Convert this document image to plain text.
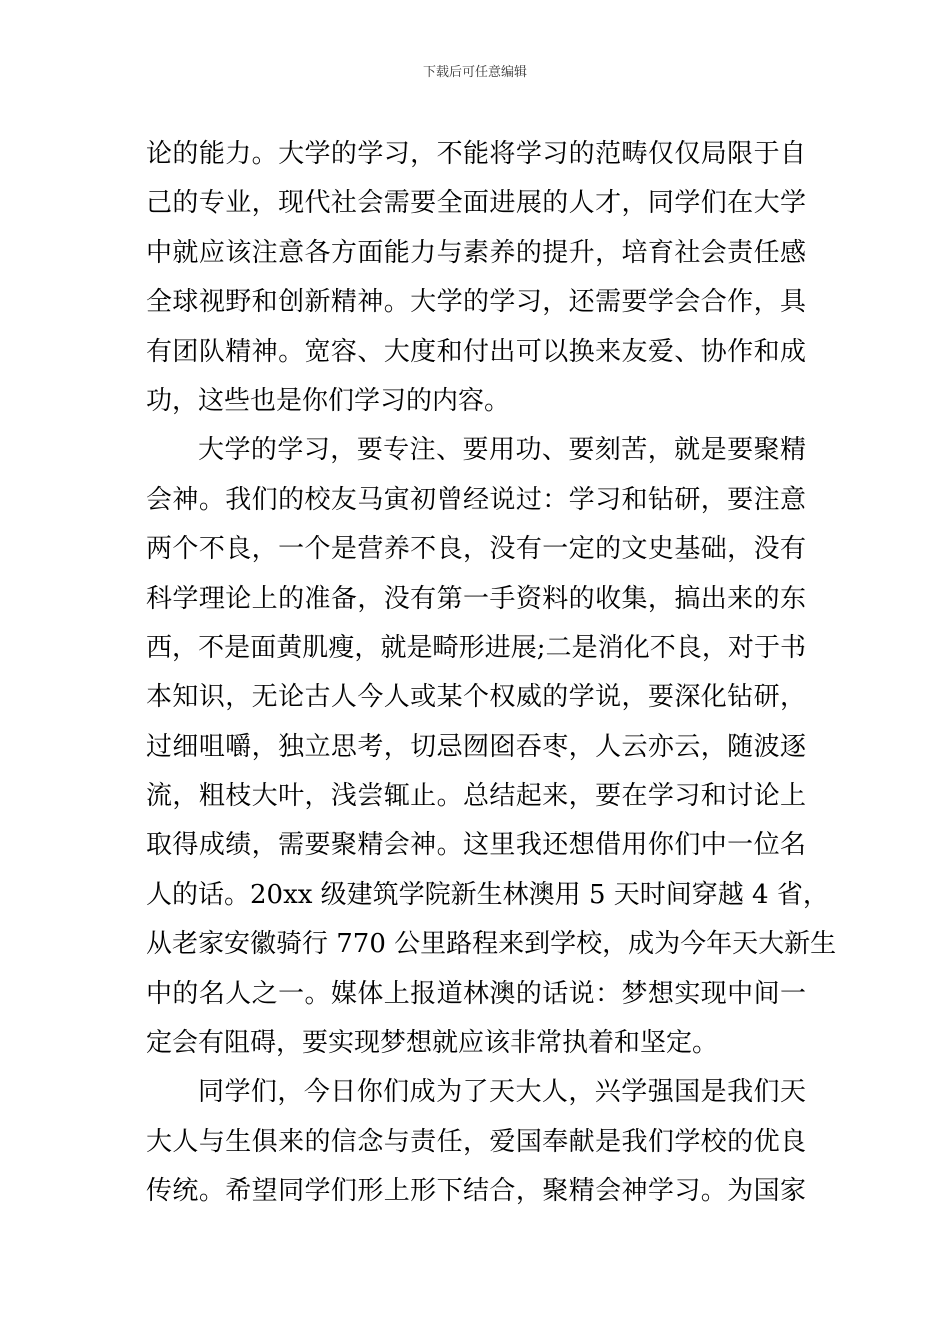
下载后可任意编辑
论的能力。大学的学习，不能将学习的范畴仅仅局限于自
己的专业，现代社会需要全面进展的人才，同学们在大学
中就应该注意各方面能力与素养的提升，培育社会责任感
全球视野和创新精神。大学的学习，还需要学会合作，具
有团队精神。宽容、大度和付出可以换来友爱、协作和成
功，这些也是你们学习的内容。
大学的学习，要专注、要用功、要刻苦，就是要聚精
会神。我们的校友马寅初曾经说过：学习和钻研，要注意
两个不良，一个是营养不良，没有一定的文史基础，没有
科学理论上的准备，没有第一手资料的收集，搞出来的东
西，不是面黄肌瘦，就是畸形进展;二是消化不良，对于书
本知识，无论古人今人或某个权威的学说，要深化钻研，
过细咀嚼，独立思考，切忌囫囵吞枣，人云亦云，随波逐
流，粗枝大叶，浅尝辄止。总结起来，要在学习和讨论上
取得成绩，需要聚精会神。这里我还想借用你们中一位名
人的话。20xx 级建筑学院新生林澳用 5 天时间穿越 4 省，
从老家安徽骑行 770 公里路程来到学校，成为今年天大新生
中的名人之一。媒体上报道林澳的话说：梦想实现中间一
定会有阻碍，要实现梦想就应该非常执着和坚定。
同学们，今日你们成为了天大人，兴学强国是我们天
大人与生俱来的信念与责任，爱国奉献是我们学校的优良
传统。希望同学们形上形下结合，聚精会神学习。为国家
